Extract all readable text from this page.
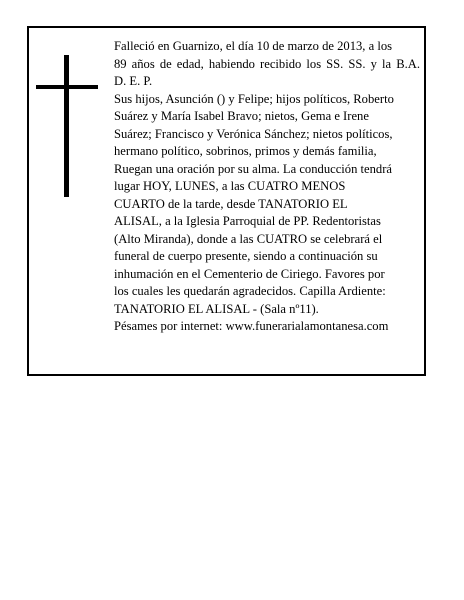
Falleció en Guarnizo, el día 10 de marzo de 2013, a los
89 años de edad, habiendo recibido los SS. SS. y la B.A.
D. E. P.
Sus hijos, Asunción () y Felipe; hijos políticos, Roberto
Suárez y María Isabel Bravo; nietos, Gema e Irene
Suárez; Francisco y Verónica Sánchez; nietos políticos,
hermano político, sobrinos, primos y demás familia,
Ruegan una oración por su alma. La conducción tendrá
lugar HOY, LUNES, a las CUATRO MENOS
CUARTO de la tarde, desde TANATORIO EL
ALISAL, a la Iglesia Parroquial de PP. Redentoristas
(Alto Miranda), donde a las CUATRO se celebrará el
funeral de cuerpo presente, siendo a continuación su
inhumación en el Cementerio de Ciriego. Favores por
los cuales les quedarán agradecidos. Capilla Ardiente:
TANATORIO EL ALISAL - (Sala nº11).
Pésames por internet: www.funerarialamontanesa.com
